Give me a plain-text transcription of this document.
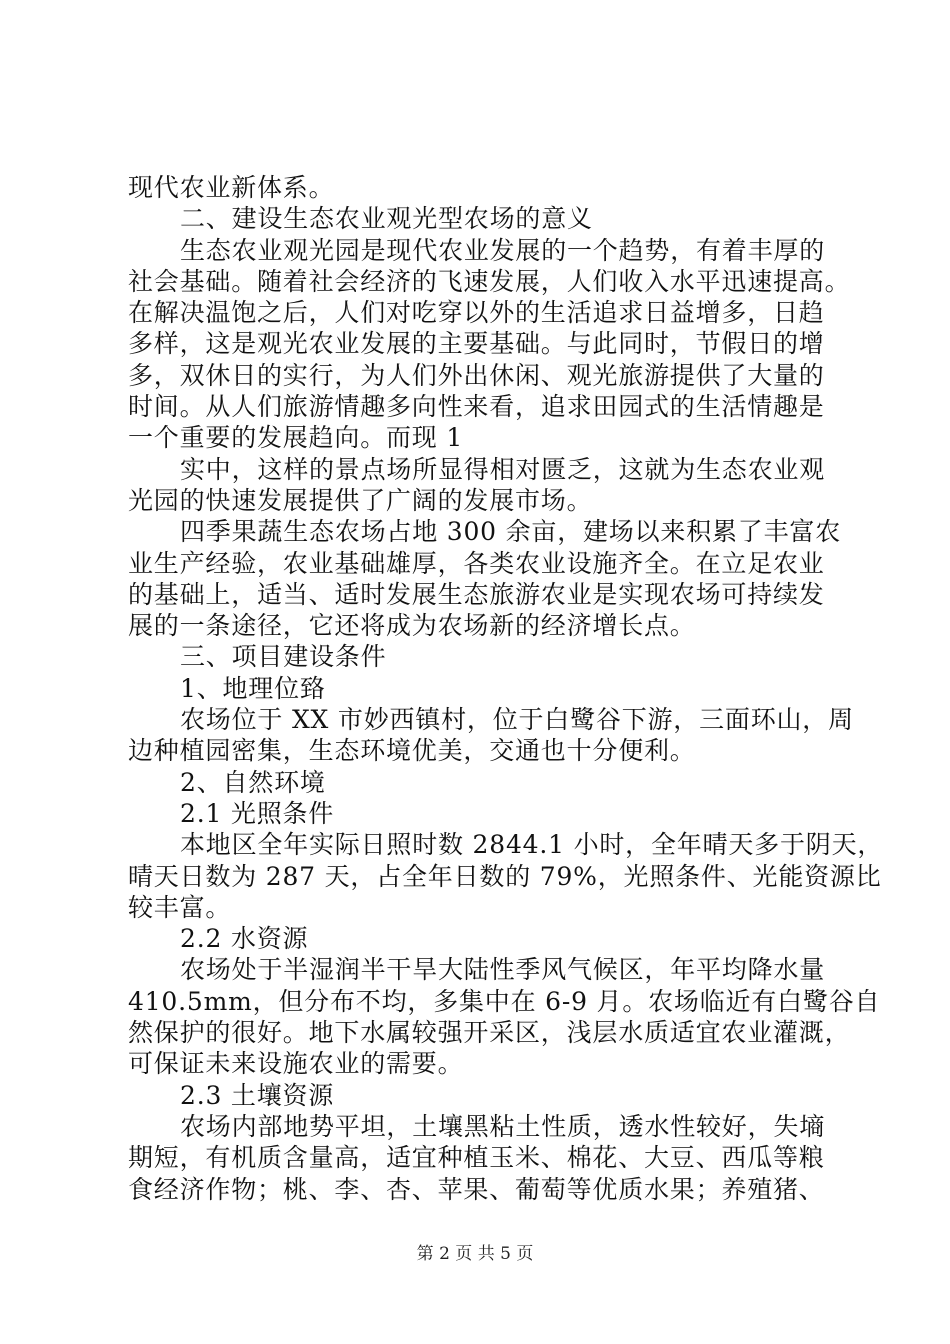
现代农业新体系。
二、建设生态农业观光型农场的意义
生态农业观光园是现代农业发展的一个趋势，有着丰厚的
社会基础。随着社会经济的飞速发展，人们收入水平迅速提高。
在解决温饱之后，人们对吃穿以外的生活追求日益增多，日趋
多样，这是观光农业发展的主要基础。与此同时，节假日的增
多，双休日的实行，为人们外出休闲、观光旅游提供了大量的
时间。从人们旅游情趣多向性来看，追求田园式的生活情趣是
一个重要的发展趋向。而现 1
实中，这样的景点场所显得相对匮乏，这就为生态农业观
光园的快速发展提供了广阔的发展市场。
四季果蔬生态农场占地 300 余亩，建场以来积累了丰富农
业生产经验，农业基础雄厚，各类农业设施齐全。在立足农业
的基础上，适当、适时发展生态旅游农业是实现农场可持续发
展的一条途径，它还将成为农场新的经济增长点。
三、项目建设条件
1、地理位臵
农场位于 XX 市妙西镇村，位于白鹭谷下游，三面环山，周
边种植园密集，生态环境优美，交通也十分便利。
2、自然环境
2.1 光照条件
本地区全年实际日照时数 2844.1 小时，全年晴天多于阴天，
晴天日数为 287 天，占全年日数的 79%，光照条件、光能资源比
较丰富。
2.2 水资源
农场处于半湿润半干旱大陆性季风气候区，年平均降水量
410.5mm，但分布不均，多集中在 6-9 月。农场临近有白鹭谷自
然保护的很好。地下水属较强开采区，浅层水质适宜农业灌溉，
可保证未来设施农业的需要。
2.3 土壤资源
农场内部地势平坦，土壤黑粘土性质，透水性较好，失墒
期短，有机质含量高，适宜种植玉米、棉花、大豆、西瓜等粮
食经济作物；桃、李、杏、苹果、葡萄等优质水果；养殖猪、
第 2 页 共 5 页
